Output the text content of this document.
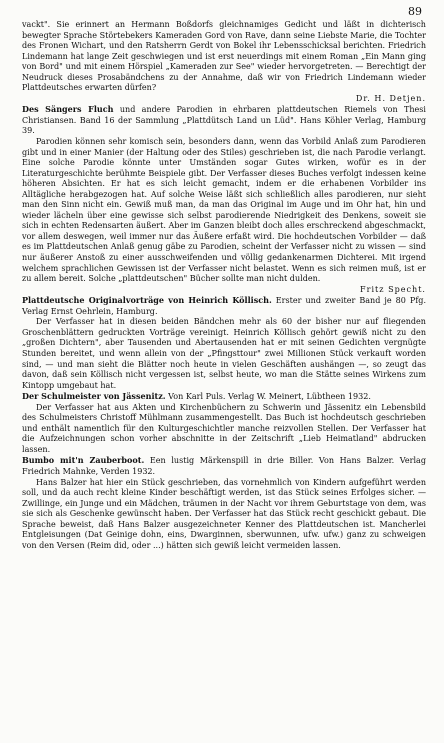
89

vackt". Sie erinnert an Hermann Boßdorfs gleichnamiges Gedicht und läßt in dichterisch bewegter Sprache Störtebekers Kameraden Gord von Rave, dann seine Liebste Marie, die Tochter des Fronen Wichart, und den Ratsherrn Gerdt von Bokel ihr Lebensschicksal berichten. Friedrich Lindemann hat lange Zeit geschwiegen und ist erst neuerdings mit einem Roman „Ein Mann ging von Bord" und mit einem Hörspiel „Kameraden zur See" wieder hervorgetreten. — Berechtigt der Neudruck dieses Prosabändchens zu der Annahme, daß wir von Friedrich Lindemann wieder Plattdeutsches erwarten dürfen?

Dr. H. Detjen.

Des Sängers Fluch und andere Parodien in ehrbaren plattdeutschen Riemels von Thesi Christiansen. Band 16 der Sammlung „Plattdütsch Land un Lüd". Hans Köhler Verlag, Hamburg 39.

Parodien können sehr komisch sein, besonders dann, wenn das Vorbild Anlaß zum Parodieren gibt und in einer Manier (der Haltung oder des Stiles) geschrieben ist, die nach Parodie verlangt. Eine solche Parodie könnte unter Umständen sogar Gutes wirken, wofür es in der Literaturgeschichte berühmte Beispiele gibt. Der Verfasser dieses Buches verfolgt indessen keine höheren Absichten. Er hat es sich leicht gemacht, indem er die erhabenen Vorbilder ins Alltägliche herabgezogen hat. Auf solche Weise läßt sich schließlich alles parodieren, nur sieht man den Sinn nicht ein. Gewiß muß man, da man das Original im Auge und im Ohr hat, hin und wieder lächeln über eine gewisse sich selbst parodierende Niedrigkeit des Denkens, soweit sie sich in echten Redensarten äußert. Aber im Ganzen bleibt doch alles erschreckend abgeschmackt, vor allem deswegen, weil immer nur das Äußere erfaßt wird. Die hochdeutschen Vorbilder — daß es im Plattdeutschen Anlaß genug gäbe zu Parodien, scheint der Verfasser nicht zu wissen — sind nur äußerer Anstoß zu einer ausschweifenden und völlig gedankenarmen Dichterei. Mit irgend welchem sprachlichen Gewissen ist der Verfasser nicht belastet. Wenn es sich reimen muß, ist er zu allem bereit. Solche „plattdeutschen" Bücher sollte man nicht dulden.

Fritz Specht.

Plattdeutsche Originalvorträge von Heinrich Köllisch. Erster und zweiter Band je 80 Pfg. Verlag Ernst Oehrlein, Hamburg.

Der Verfasser hat in diesen beiden Bändchen mehr als 60 der bisher nur auf fliegenden Groschenblättern gedruckten Vorträge vereinigt. Heinrich Köllisch gehört gewiß nicht zu den „großen Dichtern", aber Tausenden und Abertausenden hat er mit seinen Gedichten vergnügte Stunden bereitet, und wenn allein von der „Pfingsttour" zwei Millionen Stück verkauft worden sind, — und man sieht die Blätter noch heute in vielen Geschäften aushängen —, so zeugt das davon, daß sein Köllisch nicht vergessen ist, selbst heute, wo man die Stätte seines Wirkens zum Kintopp umgebaut hat.

Der Schulmeister von Jässenitz. Von Karl Puls. Verlag W. Meinert, Lübtheen 1932.

Der Verfasser hat aus Akten und Kirchenbüchern zu Schwerin und Jässenitz ein Lebensbild des Schulmeisters Christoff Mühlmann zusammengestellt. Das Buch ist hochdeutsch geschrieben und enthält namentlich für den Kulturgeschichtler manche reizvollen Stellen. Der Verfasser hat die Aufzeichnungen schon vorher abschnitte in der Zeitschrift „Lieb Heimatland" abdrucken lassen.

Bumbo mit'n Zauberboot. Een lustig Märkenspill in drie Biller. Von Hans Balzer. Verlag Friedrich Mahnke, Verden 1932.

Hans Balzer hat hier ein Stück geschrieben, das vornehmlich von Kindern aufgeführt werden soll, und da auch recht kleine Kinder beschäftigt werden, ist das Stück seines Erfolges sicher. — Zwillinge, ein Junge und ein Mädchen, träumen in der Nacht vor ihrem Geburtstage von dem, was sie sich als Geschenke gewünscht haben. Der Verfasser hat das Stück recht geschickt gebaut. Die Sprache beweist, daß Hans Balzer ausgezeichneter Kenner des Plattdeutschen ist. Mancherlei Entgleisungen (Dat Geinige dohn, eins, Dwarginnen, sberwunnen, ufw. ufw.) ganz zu schweigen von den Versen (Reim did, oder ...) hätten sich gewiß leicht vermeiden lassen.
